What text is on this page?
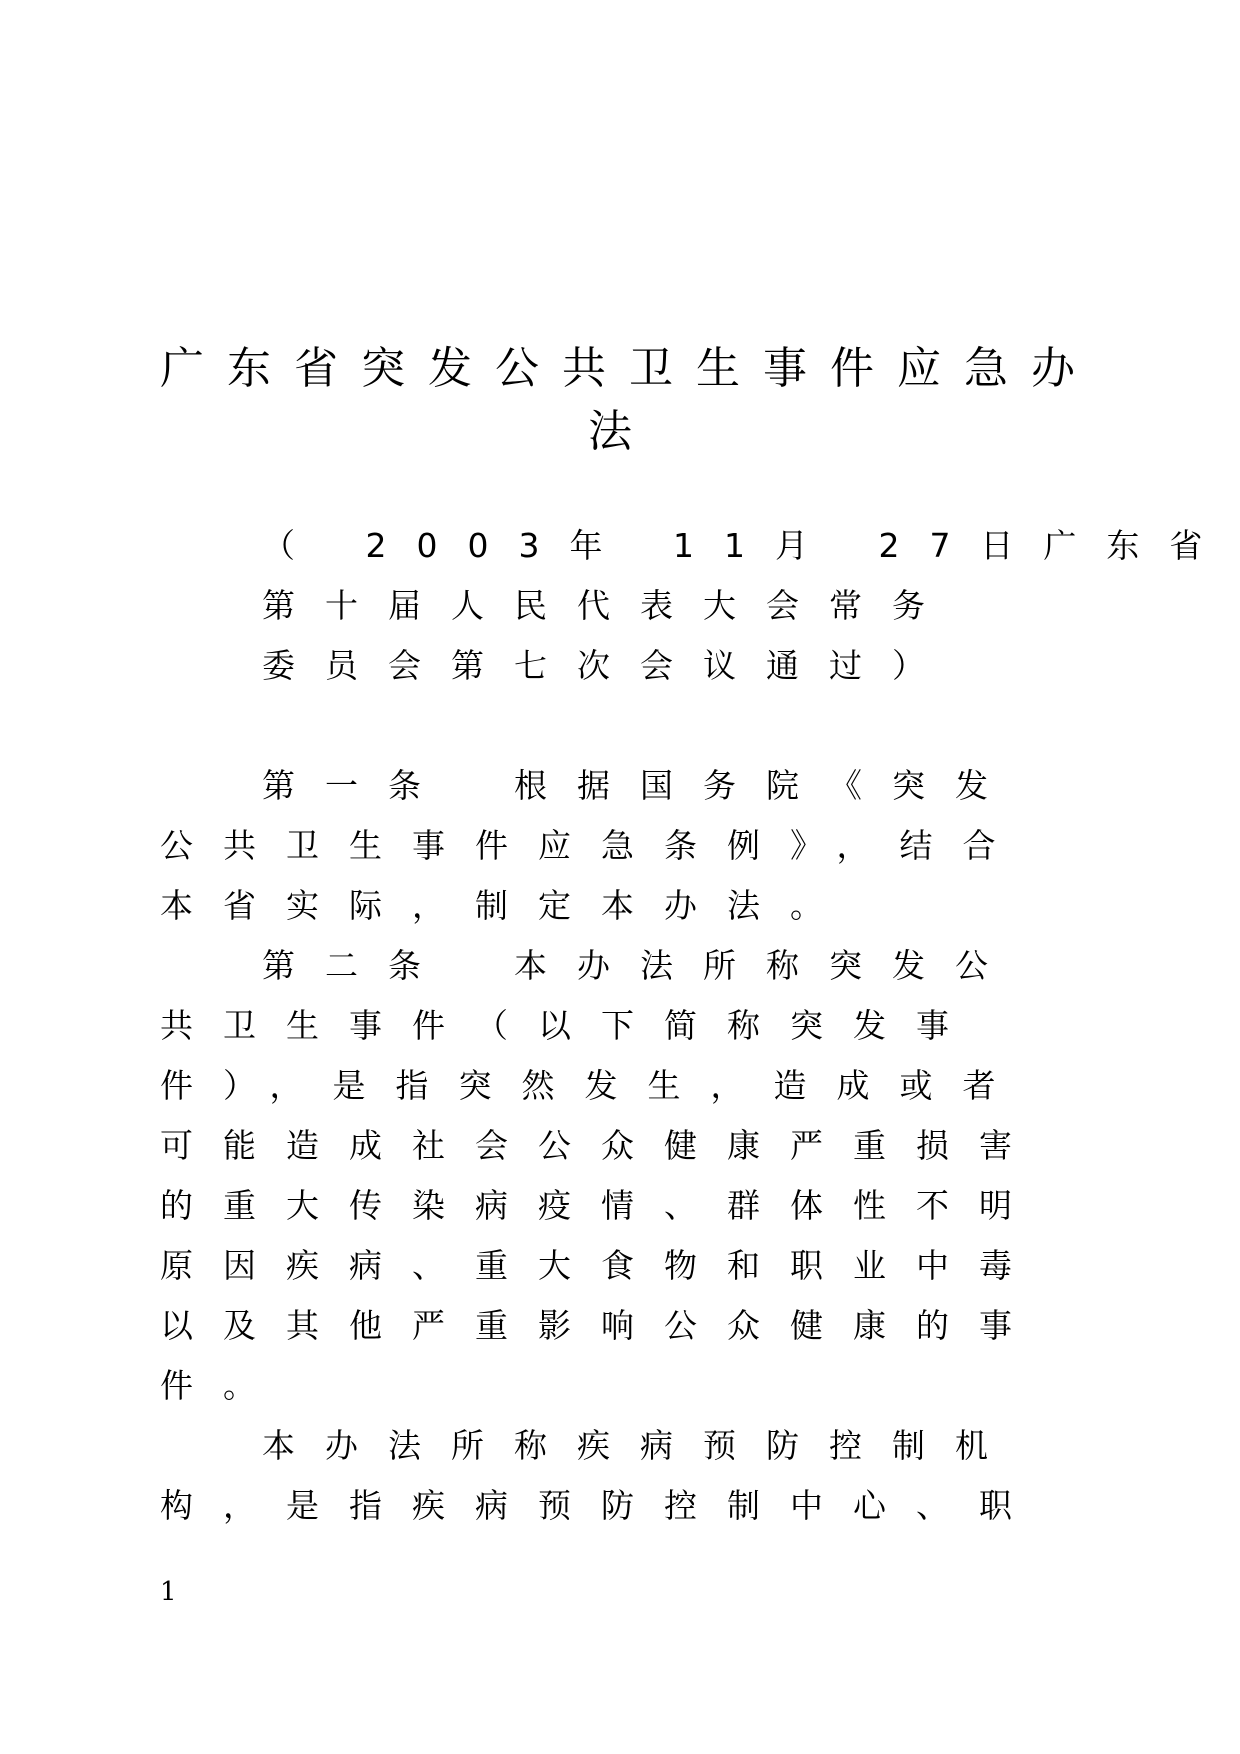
广东省突发公共卫生事件应急办
法
（ 2003年 11月 27日广东省
第十届人民代表大会常务
委员会第七次会议通过）
第一条　根据国务院《突发
公共卫生事件应急条例》，结合
本省实际，制定本办法。
第二条　本办法所称突发公
共卫生事件（以下简称突发事
件），是指突然发生，造成或者
可能造成社会公众健康严重损害
的重大传染病疫情、群体性不明
原因疾病、重大食物和职业中毒
以及其他严重影响公众健康的事
件。
本办法所称疾病预防控制机
构，是指疾病预防控制中心、职
1
